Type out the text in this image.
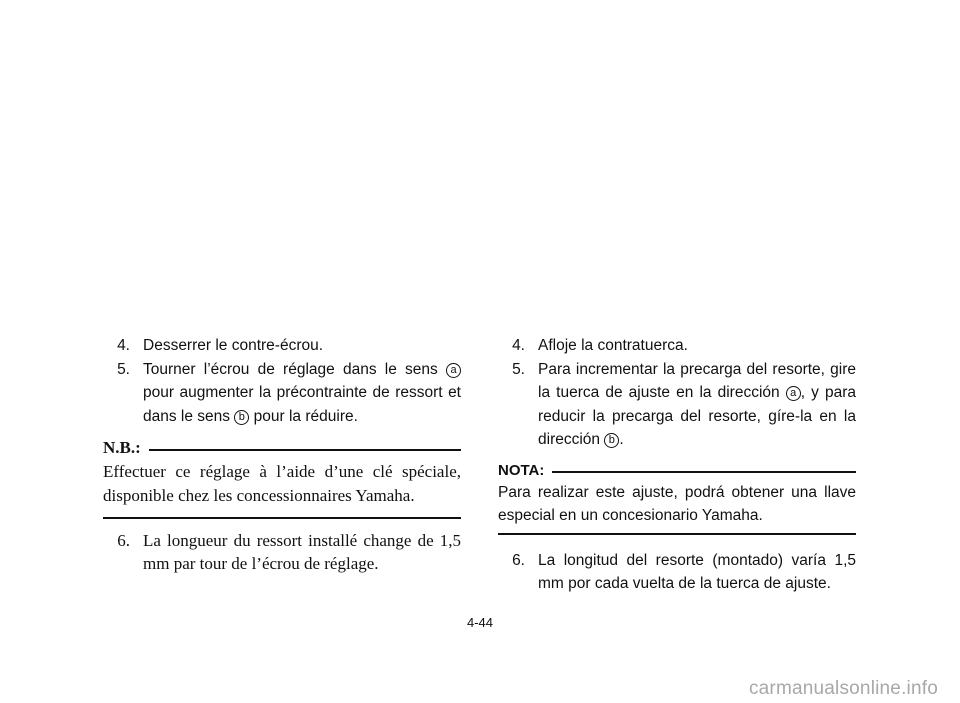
4. Desserrer le contre-écrou.
5. Tourner l’écrou de réglage dans le sens a pour augmenter la précontrainte de ressort et dans le sens b pour la réduire.
N.B.:
Effectuer ce réglage à l’aide d’une clé spéciale, disponible chez les concessionnaires Yamaha.
6. La longueur du ressort installé change de 1,5 mm par tour de l’écrou de réglage.
4. Afloje la contratuerca.
5. Para incrementar la precarga del resorte, gire la tuerca de ajuste en la dirección a , y para reducir la precarga del resorte, gíre-la en la dirección b .
NOTA:
Para realizar este ajuste, podrá obtener una llave especial en un concesionario Yamaha.
6. La longitud del resorte (montado) varía 1,5 mm por cada vuelta de la tuerca de ajuste.
4-44
carmanualsonline.info
